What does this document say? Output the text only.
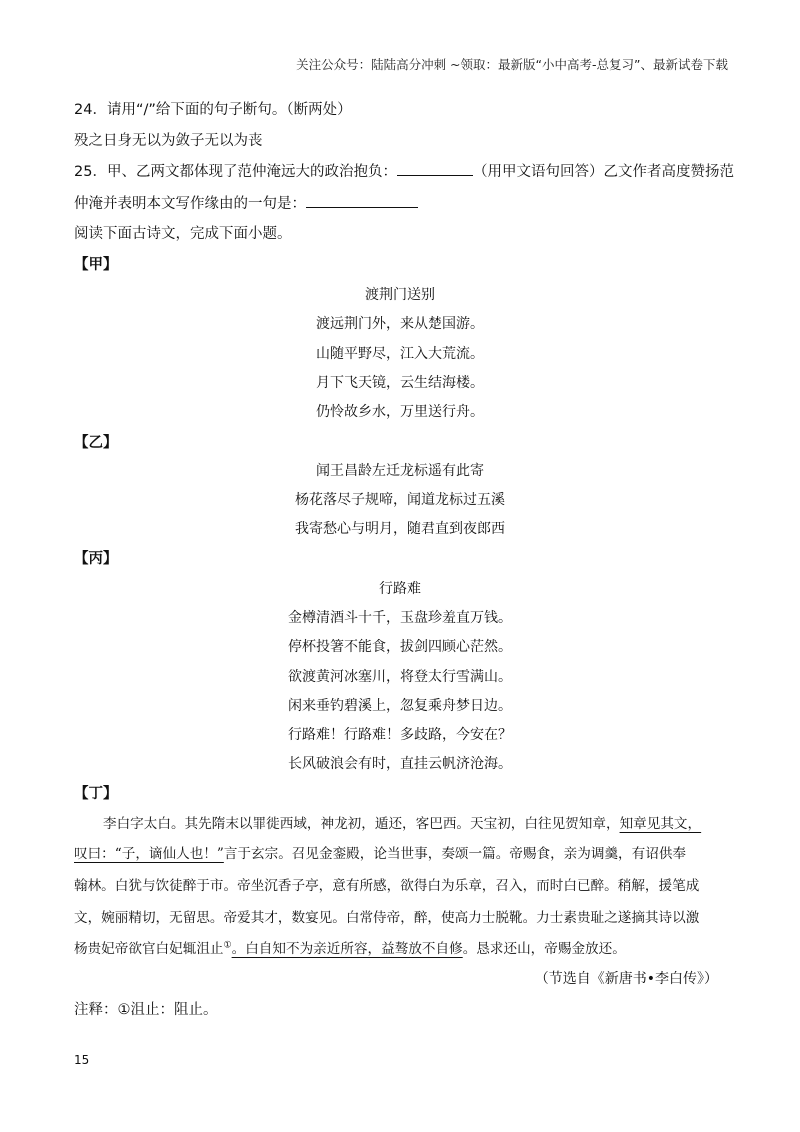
关注公众号：陆陆高分冲刺 ~领取：最新版“小中高考-总复习”、最新试卷下载
24．请用“/”给下面的句子断句。（断两处）
殁之日身无以为敛子无以为丧
25．甲、乙两文都体现了范仲淹远大的政治抱负：	（用甲文语句回答）乙文作者高度赞扬范
仲淹并表明本文写作缘由的一句是：
阅读下面古诗文，完成下面小题。
【甲】
渡荆门送别
渡远荆门外，来从楚国游。
山随平野尽，江入大荒流。
月下飞天镜，云生结海楼。
仍怜故乡水，万里送行舟。
【乙】
闻王昌龄左迁龙标遥有此寄
杨花落尽子规啼，闻道龙标过五溪
我寄愁心与明月，随君直到夜郎西
【丙】
行路难
金樽清酒斗十千，玉盘珍羞直万钱。
停杯投箸不能食，拔剑四顾心茫然。
欲渡黄河冰塞川，将登太行雪满山。
闲来垂钓碧溪上，忽复乘舟梦日边。
行路难！行路难！多歧路，今安在？
长风破浪会有时，直挂云帆济沧海。
【丁】
李白字太白。其先隋末以罪徙西域，神龙初，遁还，客巴西。天宝初，白往见贺知章，知章见其文，
叹曰：“子，谪仙人也！”言于玄宗。召见金銮殿，论当世事，奏颂一篇。帝赐食，亲为调羹，有诏供奉
翰林。白犹与饮徒醉于市。帝坐沉香子亭，意有所感，欲得白为乐章，召入，而时白已醉。稍解，援笔成
文，婉丽精切，无留思。帝爱其才，数宴见。白常侍帝，醉，使高力士脱靴。力士素贵耻之遂摘其诗以激
杨贵妃帝欲官白妃辄沮止①。白自知不为亲近所容，益骜放不自修。恳求还山，帝赐金放还。
（节选自《新唐书•李白传》）
注释：①沮止：阻止。
15
